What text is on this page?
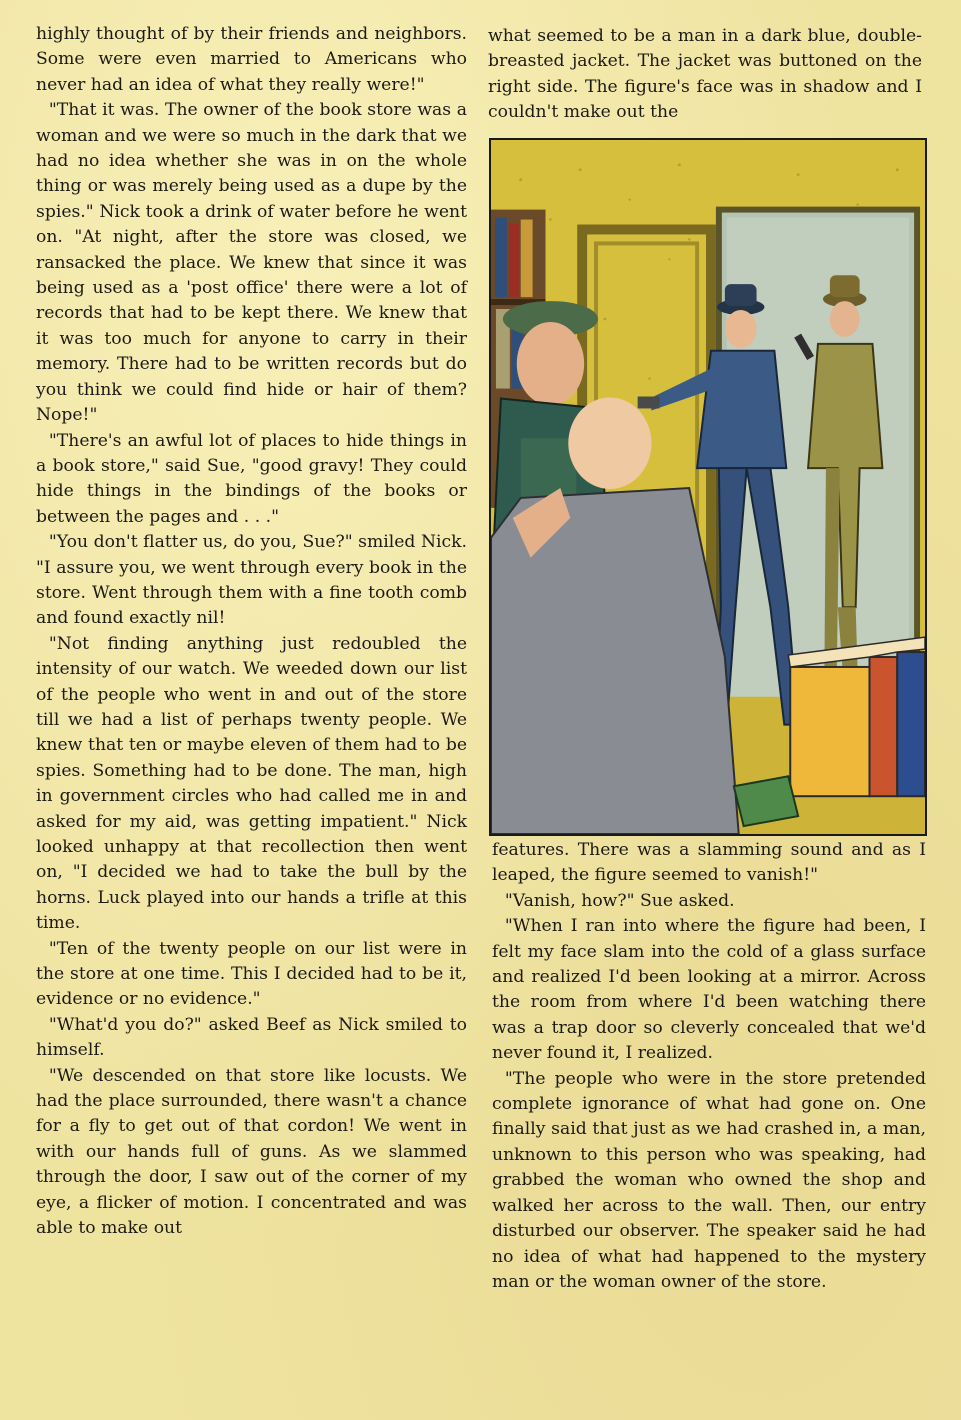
highly thought of by their friends and neighbors. Some were even married to Americans who never had an idea of what they really were!"

"That it was. The owner of the book store was a woman and we were so much in the dark that we had no idea whether she was in on the whole thing or was merely being used as a dupe by the spies." Nick took a drink of water before he went on. "At night, after the store was closed, we ransacked the place. We knew that since it was being used as a 'post office' there were a lot of records that had to be kept there. We knew that it was too much for anyone to carry in their memory. There had to be written records but do you think we could find hide or hair of them? Nope!"

"There's an awful lot of places to hide things in a book store," said Sue, "good gravy! They could hide things in the bindings of the books or between the pages and . . ."

"You don't flatter us, do you, Sue?" smiled Nick. "I assure you, we went through every book in the store. Went through them with a fine tooth comb and found exactly nil!

"Not finding anything just redoubled the intensity of our watch. We weeded down our list of the people who went in and out of the store till we had a list of perhaps twenty people. We knew that ten or maybe eleven of them had to be spies. Something had to be done. The man, high in government circles who had called me in and asked for my aid, was getting impatient." Nick looked unhappy at that recollection then went on, "I decided we had to take the bull by the horns. Luck played into our hands a trifle at this time.

"Ten of the twenty people on our list were in the store at one time. This I decided had to be it, evidence or no evidence."

"What'd you do?" asked Beef as Nick smiled to himself.

"We descended on that store like locusts. We had the place surrounded, there wasn't a chance for a fly to get out of that cordon! We went in with our hands full of guns. As we slammed through the door, I saw out of the corner of my eye, a flicker of motion. I concentrated and was able to make out

what seemed to be a man in a dark blue, double-breasted jacket. The jacket was buttoned on the right side. The figure's face was in shadow and I couldn't make out the

features. There was a slamming sound and as I leaped, the figure seemed to vanish!"

"Vanish, how?" Sue asked.

"When I ran into where the figure had been, I felt my face slam into the cold of a glass surface and realized I'd been looking at a mirror. Across the room from where I'd been watching there was a trap door so cleverly concealed that we'd never found it, I realized.

"The people who were in the store pretended complete ignorance of what had gone on. One finally said that just as we had crashed in, a man, unknown to this person who was speaking, had grabbed the woman who owned the shop and walked her across to the wall. Then, our entry disturbed our observer. The speaker said he had no idea of what had happened to the mystery man or the woman owner of the store.
